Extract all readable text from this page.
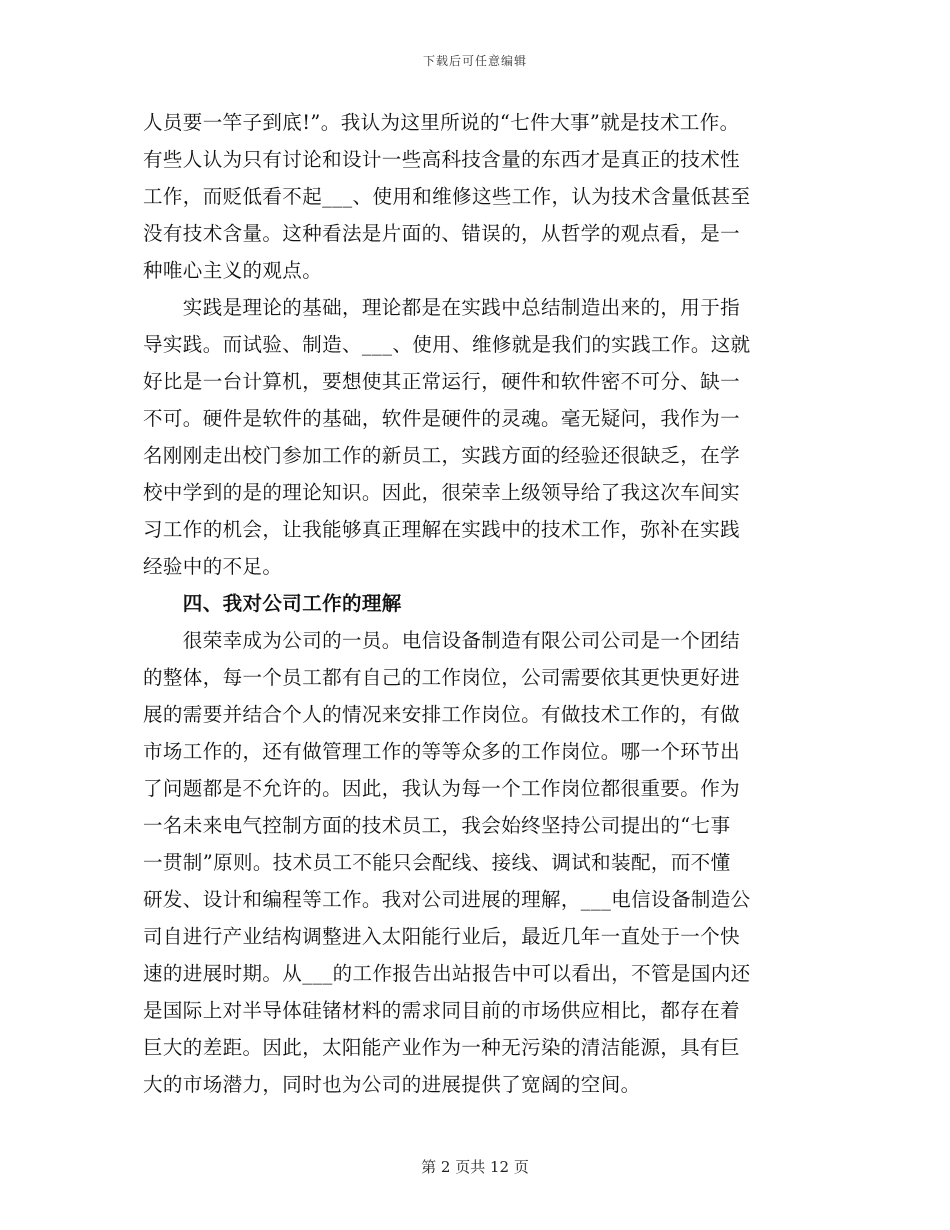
下载后可任意编辑
人员要一竿子到底!”。我认为这里所说的“七件大事”就是技术工作。
有些人认为只有讨论和设计一些高科技含量的东西才是真正的技术性
工作，而贬低看不起___、使用和维修这些工作，认为技术含量低甚至
没有技术含量。这种看法是片面的、错误的，从哲学的观点看，是一
种唯心主义的观点。
　　实践是理论的基础，理论都是在实践中总结制造出来的，用于指
导实践。而试验、制造、___、使用、维修就是我们的实践工作。这就
好比是一台计算机，要想使其正常运行，硬件和软件密不可分、缺一
不可。硬件是软件的基础，软件是硬件的灵魂。毫无疑问，我作为一
名刚刚走出校门参加工作的新员工，实践方面的经验还很缺乏，在学
校中学到的是的理论知识。因此，很荣幸上级领导给了我这次车间实
习工作的机会，让我能够真正理解在实践中的技术工作，弥补在实践
经验中的不足。
　　四、我对公司工作的理解
　　很荣幸成为公司的一员。电信设备制造有限公司公司是一个团结
的整体，每一个员工都有自己的工作岗位，公司需要依其更快更好进
展的需要并结合个人的情况来安排工作岗位。有做技术工作的，有做
市场工作的，还有做管理工作的等等众多的工作岗位。哪一个环节出
了问题都是不允许的。因此，我认为每一个工作岗位都很重要。作为
一名未来电气控制方面的技术员工，我会始终坚持公司提出的“七事
一贯制”原则。技术员工不能只会配线、接线、调试和装配，而不懂
研发、设计和编程等工作。我对公司进展的理解，___电信设备制造公
司自进行产业结构调整进入太阳能行业后，最近几年一直处于一个快
速的进展时期。从___的工作报告出站报告中可以看出，不管是国内还
是国际上对半导体硅锗材料的需求同目前的市场供应相比，都存在着
巨大的差距。因此，太阳能产业作为一种无污染的清洁能源，具有巨
大的市场潜力，同时也为公司的进展提供了宽阔的空间。
第 2 页共 12 页
